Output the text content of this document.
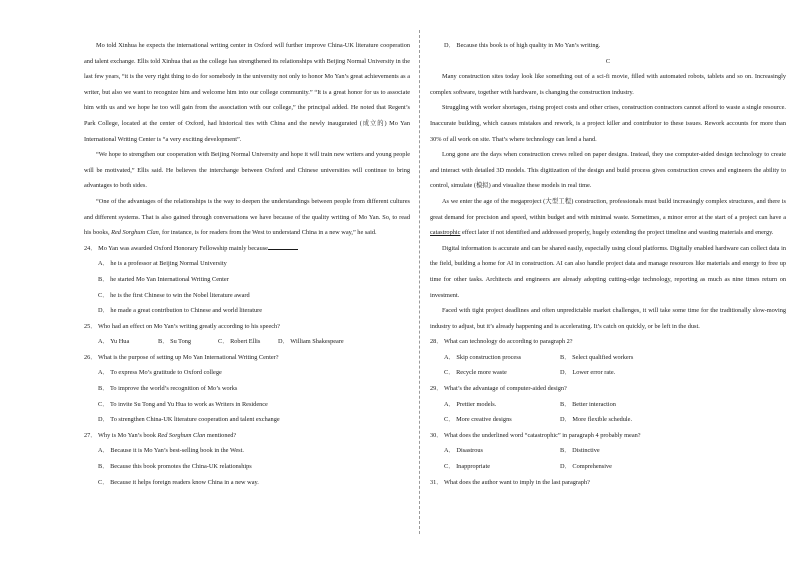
Mo told Xinhua he expects the international writing center in Oxford will further improve China-UK literature cooperation and talent exchange. Ellis told Xinhua that as the college has strengthened its relationships with Beijing Normal University in the last few years, “it is the very right thing to do for somebody in the university not only to honor Mo Yan’s great achievements as a writer, but also we want to recognize him and welcome him into our college community.” “It is a great honor for us to associate him with us and we hope he too will gain from the association with our college,” the principal added. He noted that Regent’s Park College, located at the center of Oxford, had historical ties with China and the newly inaugurated (成立的) Mo Yan International Writing Center is “a very exciting development”.

“We hope to strengthen our cooperation with Beijing Normal University and hope it will train new writers and young people will be motivated,” Ellis said. He believes the interchange between Oxford and Chinese universities will continue to bring advantages to both sides.

“One of the advantages of the relationships is the way to deepen the understandings between people from different cultures and different systems. That is also gained through conversations we have because of the quality writing of Mo Yan. So, to read his books, Red Sorghum Clan, for instance, is for readers from the West to understand China in a new way,” he said.

24． Mo Yan was awarded Oxford Honorary Fellowship mainly because

A． he is a professor at Beijing Normal University

B． he started Mo Yan International Writing Center

C． he is the first Chinese to win the Nobel literature award

D． he made a great contribution to Chinese and world literature

25． Who had an effect on Mo Yan’s writing greatly according to his speech?

A． Yu Hua	B． Su Tong	C． Robert Ellis	D． William Shakespeare

26． What is the purpose of setting up Mo Yan International Writing Center?

A． To express Mo’s gratitude to Oxford college

B． To improve the world’s recognition of Mo’s works

C． To invite Su Tong and Yu Hua to work as Writers in Residence

D． To strengthen China-UK literature cooperation and talent exchange

27． Why is Mo Yan’s book Red Sorghum Clan mentioned?

A． Because it is Mo Yan’s best-selling book in the West.

B． Because this book promotes the China-UK relationships

C． Because it helps foreign readers know China in a new way.

D． Because this book is of high quality in Mo Yan’s writing.

C

Many construction sites today look like something out of a sci-fi movie, filled with automated robots, tablets and so on. Increasingly complex software, together with hardware, is changing the construction industry.

Struggling with worker shortages, rising project costs and other crises, construction contractors cannot afford to waste a single resource. Inaccurate building, which causes mistakes and rework, is a project killer and contributor to these issues. Rework accounts for more than 30% of all work on site. That’s where technology can lend a hand.

Long gone are the days when construction crews relied on paper designs. Instead, they use computer-aided design technology to create and interact with detailed 3D models. This digitization of the design and build process gives construction crews and engineers the ability to control, simulate (模拟) and visualize these models in real time.

As we enter the age of the megaproject (大型工程) construction, professionals must build increasingly complex structures, and there is great demand for precision and speed, within budget and with minimal waste. Sometimes, a minor error at the start of a project can have a catastrophic effect later if not identified and addressed properly, hugely extending the project timeline and wasting materials and energy.

Digital information is accurate and can be shared easily, especially using cloud platforms. Digitally enabled hardware can collect data in the field, building a home for AI in construction. AI can also handle project data and manage resources like materials and energy to free up time for other tasks. Architects and engineers are already adopting cutting-edge technology, reporting as much as nine times return on investment.

Faced with tight project deadlines and often unpredictable market challenges, it will take some time for the traditionally slow-moving industry to adjust, but it’s already happening and is accelerating. It’s catch on quickly, or be left in the dust.

28． What can technology do according to paragraph 2?

A． Skip construction process	B． Select qualified workers
C． Recycle more waste	D． Lower error rate.

29． What’s the advantage of computer-aided design?

A． Prettier models.	B． Better interaction
C． More creative designs	D． More flexible schedule.

30． What does the underlined word “catastrophic” in paragraph 4 probably mean?

A． Disastrous	B． Distinctive
C． Inappropriate	D． Comprehensive

31． What does the author want to imply in the last paragraph?
